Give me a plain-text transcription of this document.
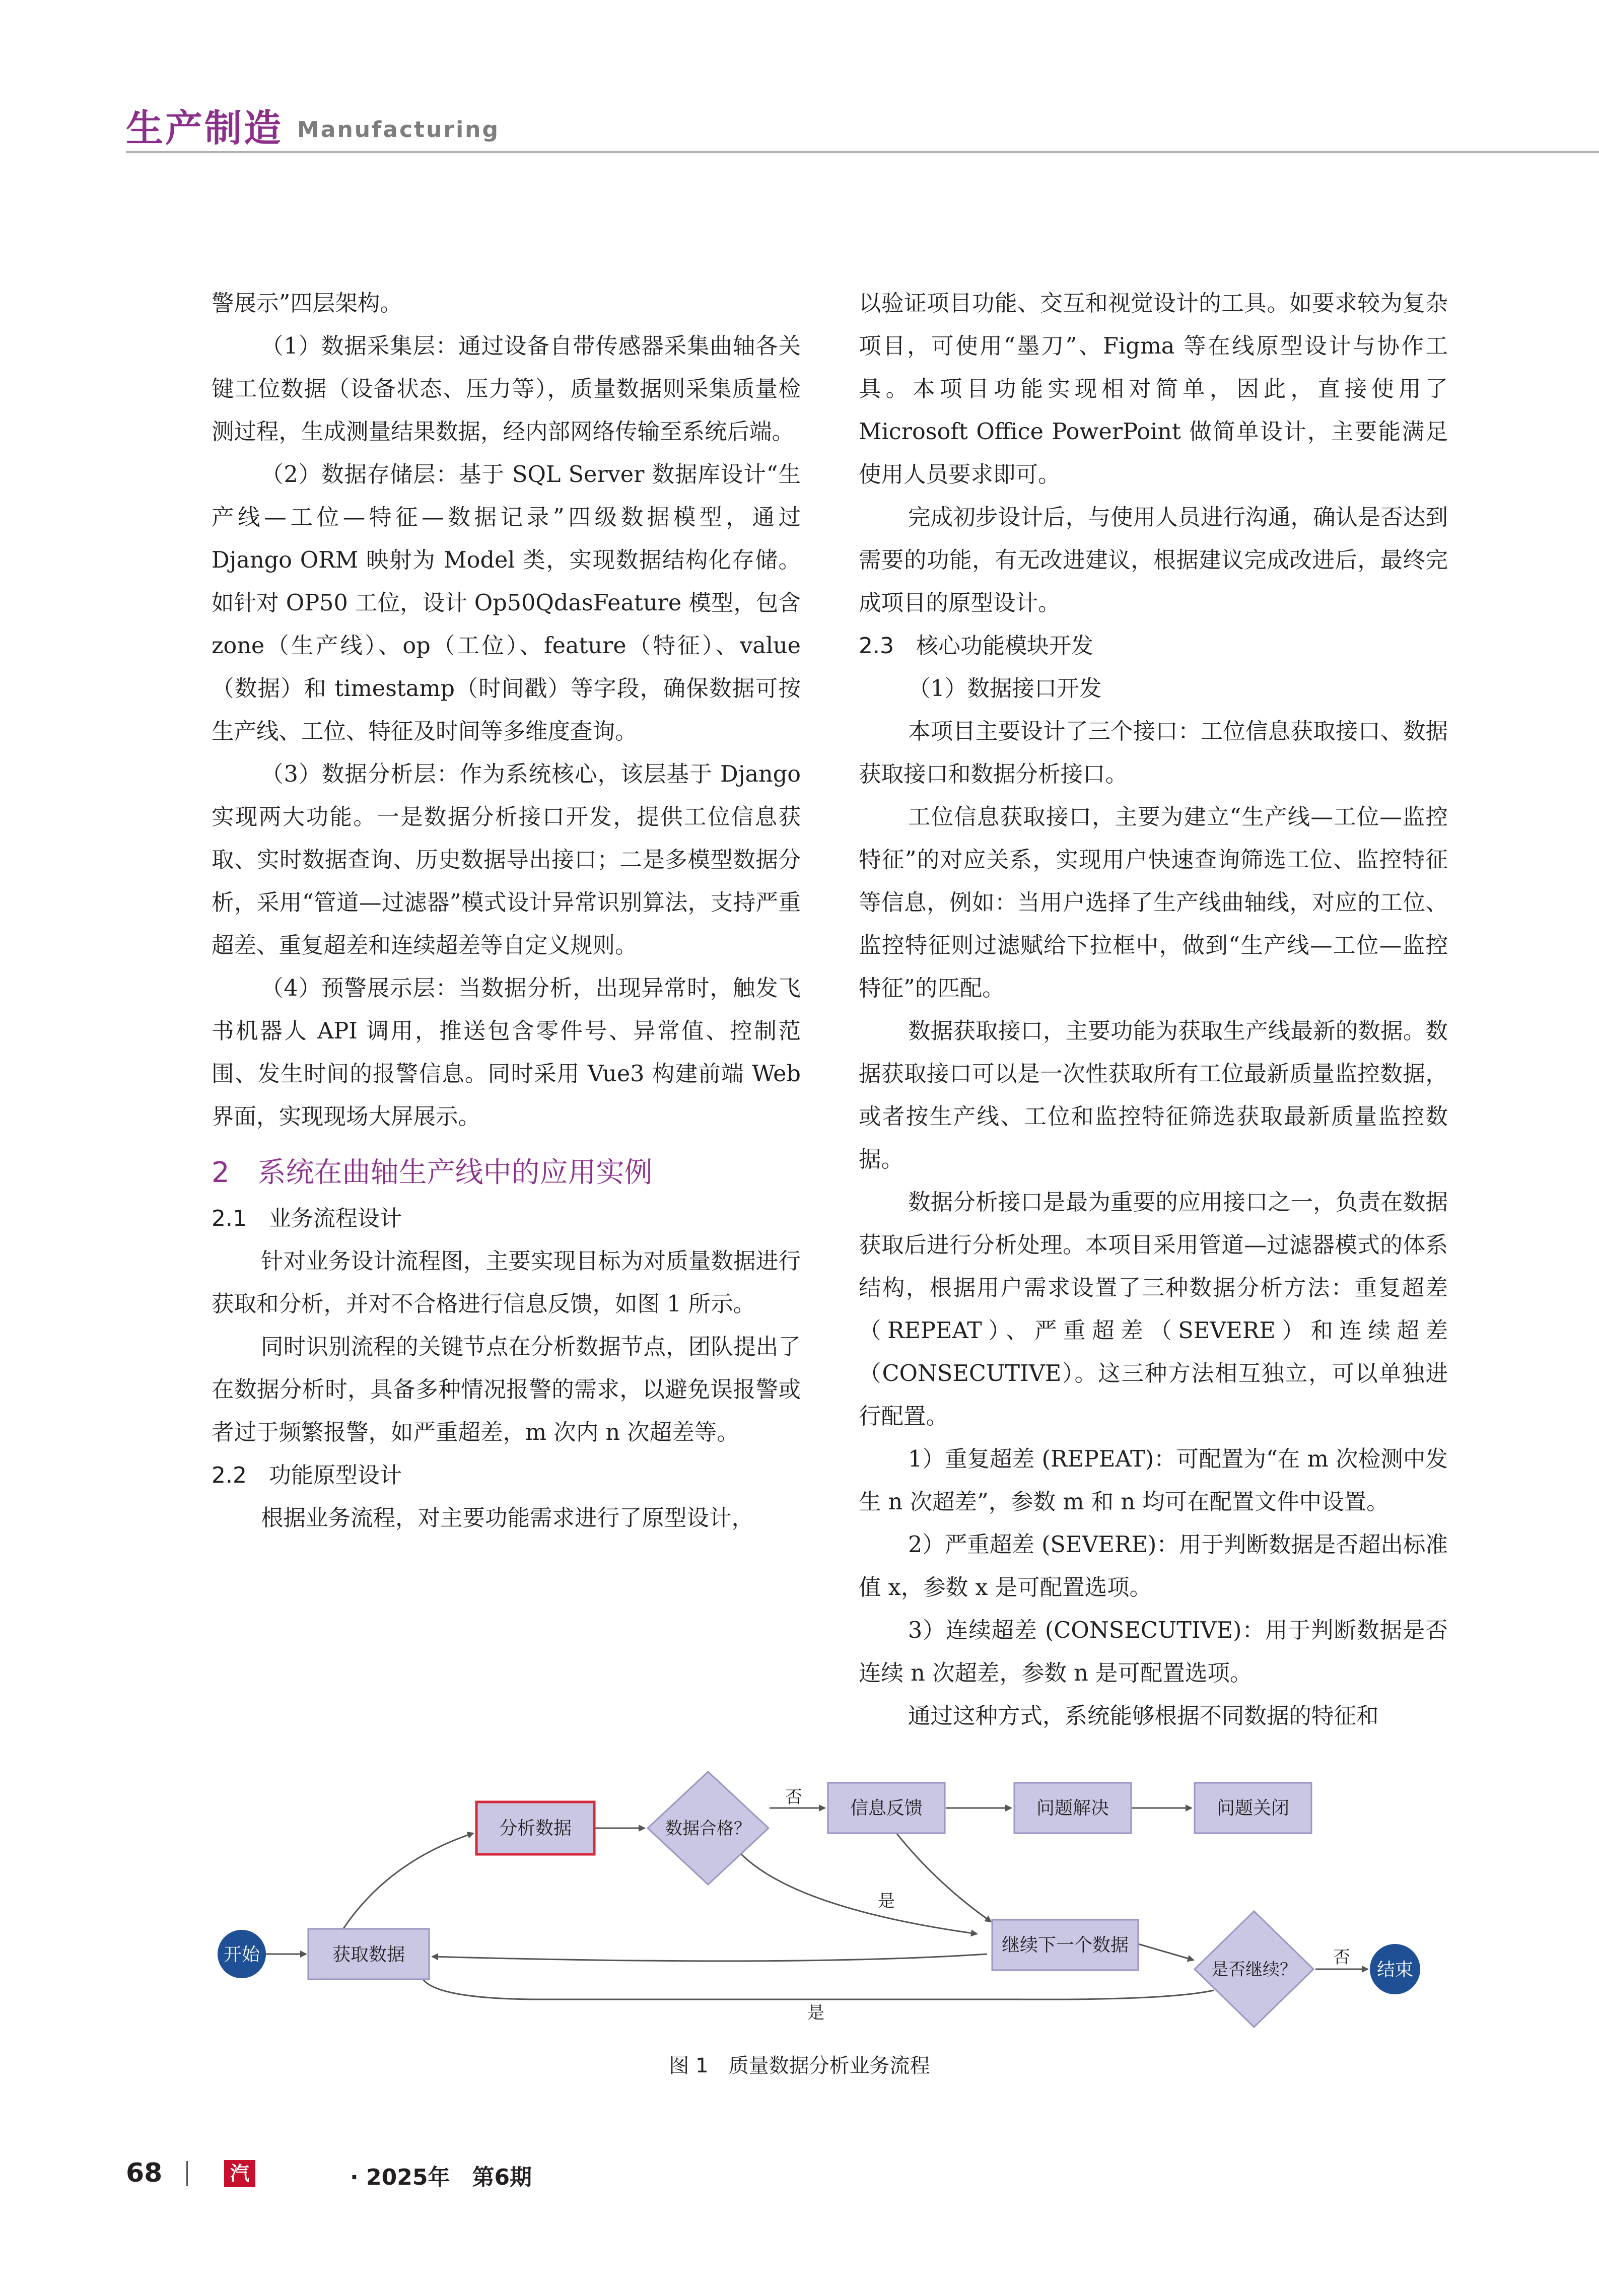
生产制造 Manufacturing
警展示”四层架构。
（1）数据采集层：通过设备自带传感器采集曲轴各关键工位数据（设备状态、压力等），质量数据则采集质量检测过程，生成测量结果数据，经内部网络传输至系统后端。
（2）数据存储层：基于 SQL Server 数据库设计“生产线—工位—特征—数据记录”四级数据模型，通过 Django ORM 映射为 Model 类，实现数据结构化存储。如针对 OP50 工位，设计 Op50QdasFeature 模型，包含 zone（生产线）、op（工位）、feature（特征）、value（数据）和 timestamp（时间戳）等字段，确保数据可按生产线、工位、特征及时间等多维度查询。
（3）数据分析层：作为系统核心，该层基于 Django 实现两大功能。一是数据分析接口开发，提供工位信息获取、实时数据查询、历史数据导出接口；二是多模型数据分析，采用“管道—过滤器”模式设计异常识别算法，支持严重超差、重复超差和连续超差等自定义规则。
（4）预警展示层：当数据分析，出现异常时，触发飞书机器人 API 调用，推送包含零件号、异常值、控制范围、发生时间的报警信息。同时采用 Vue3 构建前端 Web 界面，实现现场大屏展示。
2　系统在曲轴生产线中的应用实例
2.1　业务流程设计
针对业务设计流程图，主要实现目标为对质量数据进行获取和分析，并对不合格进行信息反馈，如图 1 所示。
同时识别流程的关键节点在分析数据节点，团队提出了在数据分析时，具备多种情况报警的需求，以避免误报警或者过于频繁报警，如严重超差，m 次内 n 次超差等。
2.2　功能原型设计
根据业务流程，对主要功能需求进行了原型设计，
以验证项目功能、交互和视觉设计的工具。如要求较为复杂项目，可使用“墨刀”、Figma 等在线原型设计与协作工具。本项目功能实现相对简单，因此，直接使用了 Microsoft Office PowerPoint 做简单设计，主要能满足使用人员要求即可。
完成初步设计后，与使用人员进行沟通，确认是否达到需要的功能，有无改进建议，根据建议完成改进后，最终完成项目的原型设计。
2.3　核心功能模块开发
（1）数据接口开发
本项目主要设计了三个接口：工位信息获取接口、数据获取接口和数据分析接口。
工位信息获取接口，主要为建立“生产线—工位—监控特征”的对应关系，实现用户快速查询筛选工位、监控特征等信息，例如：当用户选择了生产线曲轴线，对应的工位、监控特征则过滤赋给下拉框中，做到“生产线—工位—监控特征”的匹配。
数据获取接口，主要功能为获取生产线最新的数据。数据获取接口可以是一次性获取所有工位最新质量监控数据，或者按生产线、工位和监控特征筛选获取最新质量监控数据。
数据分析接口是最为重要的应用接口之一，负责在数据获取后进行分析处理。本项目采用管道—过滤器模式的体系结构，根据用户需求设置了三种数据分析方法：重复超差（REPEAT）、严重超差（SEVERE）和连续超差（CONSECUTIVE）。这三种方法相互独立，可以单独进行配置。
1）重复超差 (REPEAT)：可配置为“在 m 次检测中发生 n 次超差”，参数 m 和 n 均可在配置文件中设置。
2）严重超差 (SEVERE)：用于判断数据是否超出标准值 x，参数 x 是可配置选项。
3）连续超差 (CONSECUTIVE)：用于判断数据是否连续 n 次超差，参数 n 是可配置选项。
通过这种方式，系统能够根据不同数据的特征和
开始	获取数据
分析数据	数据合格？
否
信息反馈	问题解决	问题关闭
是
继续下一个数据
是否继续？
否
结束
是
图 1　质量数据分析业务流程
68	汽车制造业
· 2025年　第6期
